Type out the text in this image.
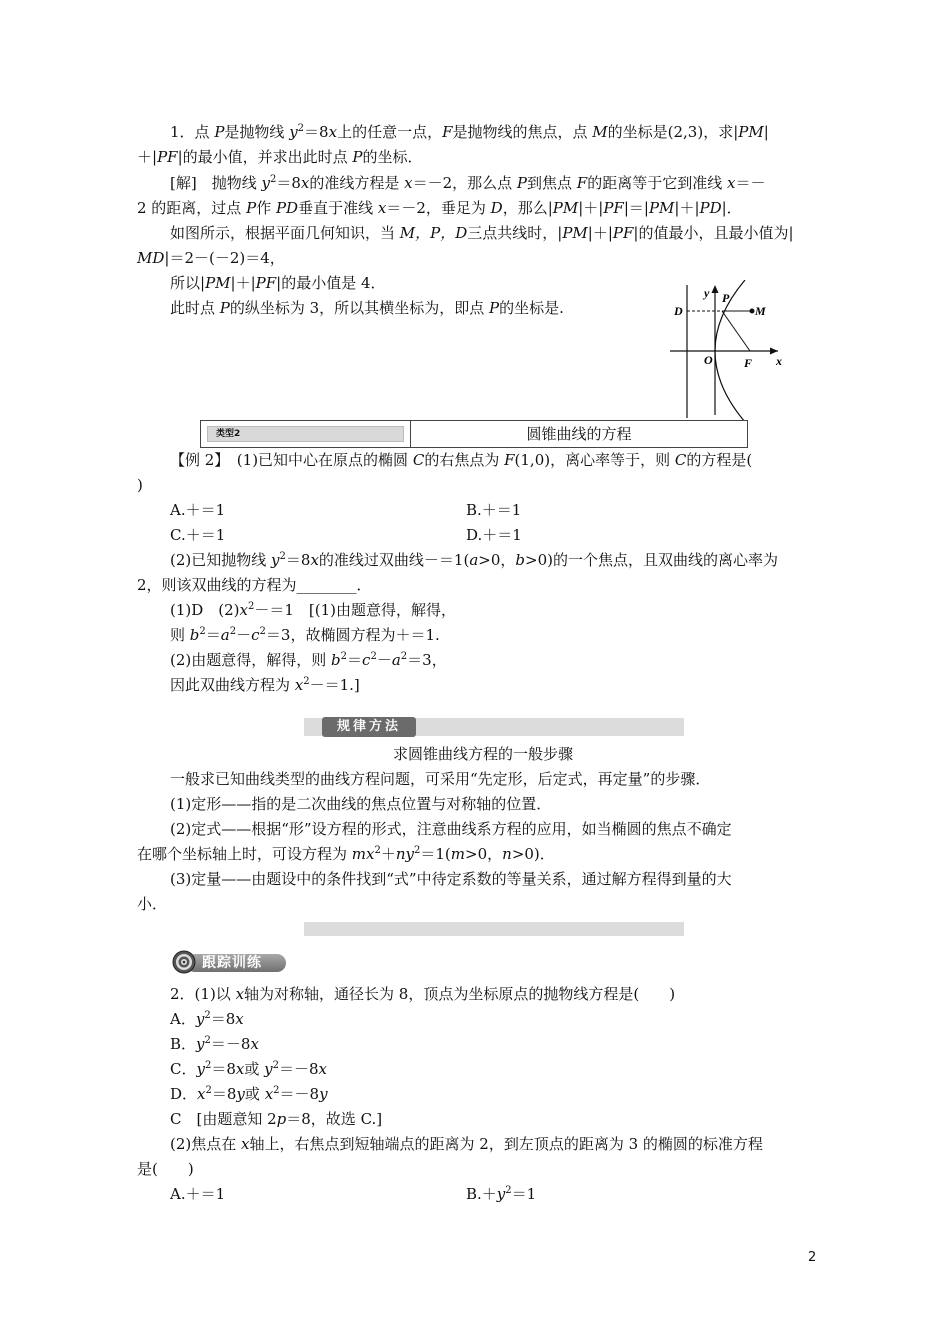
1．点 P是抛物线 $y^2=8x$上的任意一点，F是抛物线的焦点，点 M的坐标是(2,3)，求|PM|
＋|PF|的最小值，并求出此时点 P的坐标．
[解]　抛物线 $y^2=8x$的准线方程是 x＝－2，那么点 P到焦点 F的距离等于它到准线 x＝－
2 的距离，过点 P作 PD垂直于准线 x＝－2，垂足为 D，那么|PM|＋|PF|＝|PM|＋|PD|．
如图所示，根据平面几何知识，当 M，P，D三点共线时，|PM|＋|PF|的值最小，且最小值为|
MD|＝2－(－2)＝4，
所以|PM|＋|PF|的最小值是 4．
此时点 P的纵坐标为 3，所以其横坐标为，即点 P的坐标是.	D
y P
M
O	F x
类型2	圆锥曲线的方程
【例 2】　(1)已知中心在原点的椭圆 C的右焦点为 F(1,0)，离心率等于，则 C的方程是(
)
A.＋＝1	B.＋＝1
C.＋＝1	D.＋＝1
(2)已知抛物线 $y^2=8x$的准线过双曲线－＝1(a>0，b>0)的一个焦点，且双曲线的离心率为
2，则该双曲线的方程为________．
(1)D　$(2)x^2-=1$　[(1)由题意得，解得，
则 $b^2=a^2-c^2=3$，故椭圆方程为＋＝1.
(2)由题意得，解得，则 $b^2=c^2-a^2=3$，
因此双曲线方程为 $x^2-=1$.]
规律方法
求圆锥曲线方程的一般步骤
一般求已知曲线类型的曲线方程问题，可采用“先定形，后定式，再定量”的步骤．
(1)定形——指的是二次曲线的焦点位置与对称轴的位置．
(2)定式——根据“形”设方程的形式，注意曲线系方程的应用，如当椭圆的焦点不确定
在哪个坐标轴上时，可设方程为 $mx^2+ny^2=1(m>0$，n>0)．
(3)定量——由题设中的条件找到“式”中待定系数的等量关系，通过解方程得到量的大
小．
跟踪训练
2．(1)以 x轴为对称轴，通径长为 8，顶点为坐标原点的抛物线方程是(　　)
A．$y^2=8x$
B．$y^2=-8x$
C．$y^2=8x$或 $y^2=-8x$
D．$x^2=8y$或 $x^2=-8y$
C　[由题意知 2p＝8，故选 C.]
(2)焦点在 x轴上，右焦点到短轴端点的距离为 2，到左顶点的距离为 3 的椭圆的标准方程
是(　　)
A.＋＝1	$B.+y^2=1$
2
